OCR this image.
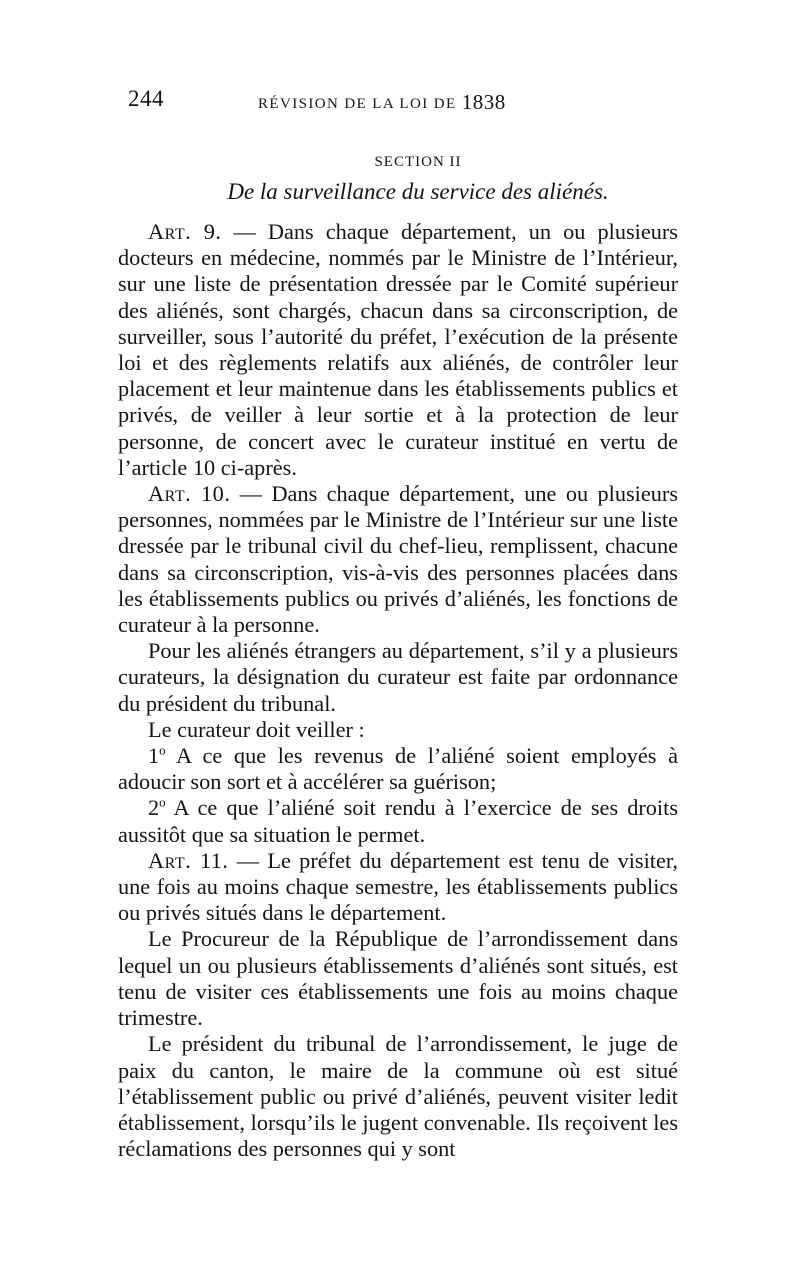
244	RÉVISION DE LA LOI DE 1838
SECTION II
De la surveillance du service des aliénés.

Art. 9. — Dans chaque département, un ou plusieurs docteurs en médecine, nommés par le Ministre de l’Intérieur, sur une liste de présentation dressée par le Comité supérieur des aliénés, sont chargés, chacun dans sa circonscription, de surveiller, sous l’autorité du préfet, l’exécution de la présente loi et des règlements relatifs aux aliénés, de contrôler leur placement et leur maintenue dans les établissements publics et privés, de veiller à leur sortie et à la protection de leur personne, de concert avec le curateur institué en vertu de l’article 10 ci-après.

Art. 10. — Dans chaque département, une ou plusieurs personnes, nommées par le Ministre de l’Intérieur sur une liste dressée par le tribunal civil du chef-lieu, remplissent, chacune dans sa circonscription, vis-à-vis des personnes placées dans les établissements publics ou privés d’aliénés, les fonctions de curateur à la personne.

Pour les aliénés étrangers au département, s’il y a plusieurs curateurs, la désignation du curateur est faite par ordonnance du président du tribunal.

Le curateur doit veiller :

1$^o$ A ce que les revenus de l’aliéné soient employés à adoucir son sort et à accélérer sa guérison;

2$^o$ A ce que l’aliéné soit rendu à l’exercice de ses droits aussitôt que sa situation le permet.

Art. 11. — Le préfet du département est tenu de visiter, une fois au moins chaque semestre, les établissements publics ou privés situés dans le département.

Le Procureur de la République de l’arrondissement dans lequel un ou plusieurs établissements d’aliénés sont situés, est tenu de visiter ces établissements une fois au moins chaque trimestre.

Le président du tribunal de l’arrondissement, le juge de paix du canton, le maire de la commune où est situé l’établissement public ou privé d’aliénés, peuvent visiter ledit établissement, lorsqu’ils le jugent convenable. Ils reçoivent les réclamations des personnes qui y sont
